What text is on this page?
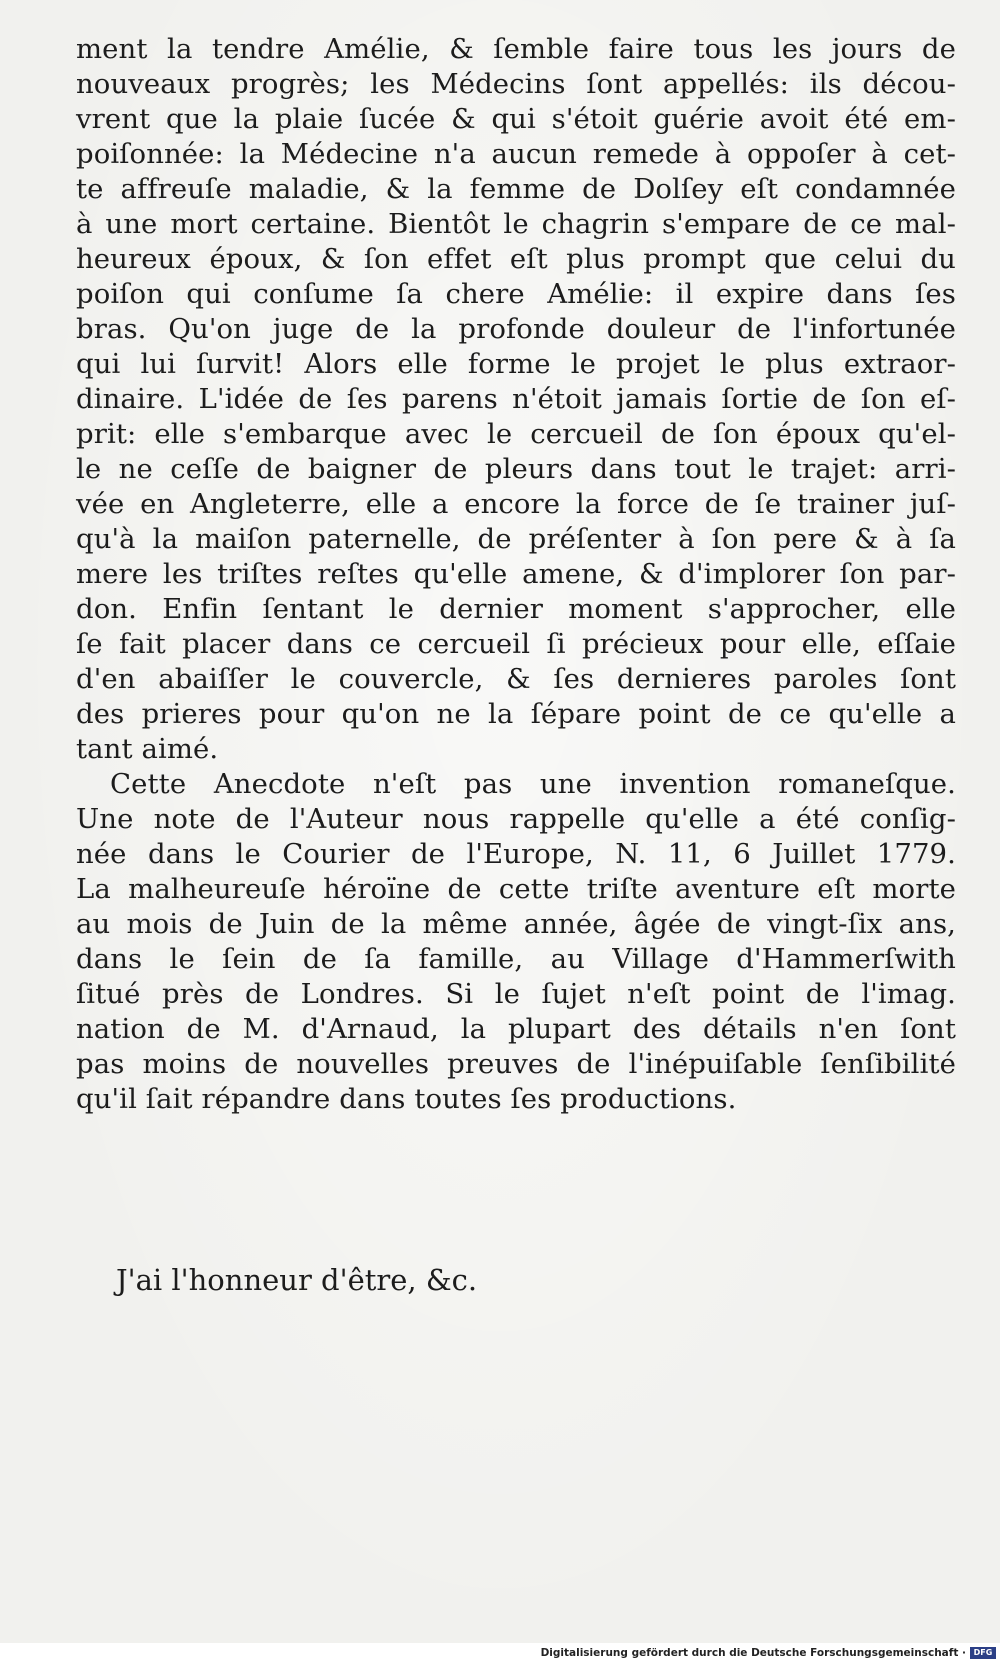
ment la tendre Amélie, & ſemble faire tous les jours de
nouveaux progrès; les Médecins ſont appellés: ils décou-
vrent que la plaie ſucée & qui s'étoit guérie avoit été em-
poiſonnée: la Médecine n'a aucun remede à oppoſer à cet-
te affreuſe maladie, & la femme de Dolſey eſt condamnée
à une mort certaine. Bientôt le chagrin s'empare de ce mal-
heureux époux, & ſon effet eſt plus prompt que celui du
poiſon qui conſume ſa chere Amélie: il expire dans ſes
bras. Qu'on juge de la profonde douleur de l'infortunée
qui lui ſurvit! Alors elle forme le projet le plus extraor-
dinaire. L'idée de ſes parens n'étoit jamais ſortie de ſon eſ-
prit: elle s'embarque avec le cercueil de ſon époux qu'el-
le ne ceſſe de baigner de pleurs dans tout le trajet: arri-
vée en Angleterre, elle a encore la force de ſe trainer juſ-
qu'à la maiſon paternelle, de préſenter à ſon pere & à ſa
mere les triſtes reſtes qu'elle amene, & d'implorer ſon par-
don. Enfin ſentant le dernier moment s'approcher, elle
ſe fait placer dans ce cercueil ſi précieux pour elle, eſſaie
d'en abaiſſer le couvercle, & ſes dernieres paroles ſont
des prieres pour qu'on ne la ſépare point de ce qu'elle a
tant aimé.
Cette Anecdote n'eſt pas une invention romaneſque.
Une note de l'Auteur nous rappelle qu'elle a été conſig-
née dans le Courier de l'Europe, N. 11, 6 Juillet 1779.
La malheureuſe héroïne de cette triſte aventure eſt morte
au mois de Juin de la même année, âgée de vingt-ſix ans,
dans le ſein de ſa famille, au Village d'Hammerſwith
ſitué près de Londres. Si le ſujet n'eſt point de l'imag.
nation de M. d'Arnaud, la plupart des détails n'en ſont
pas moins de nouvelles preuves de l'inépuiſable ſenſibilité
qu'il ſait répandre dans toutes ſes productions.
J'ai l'honneur d'être, &c.
Digitalisierung gefördert durch die Deutsche Forschungsgemeinschaft · DFG
